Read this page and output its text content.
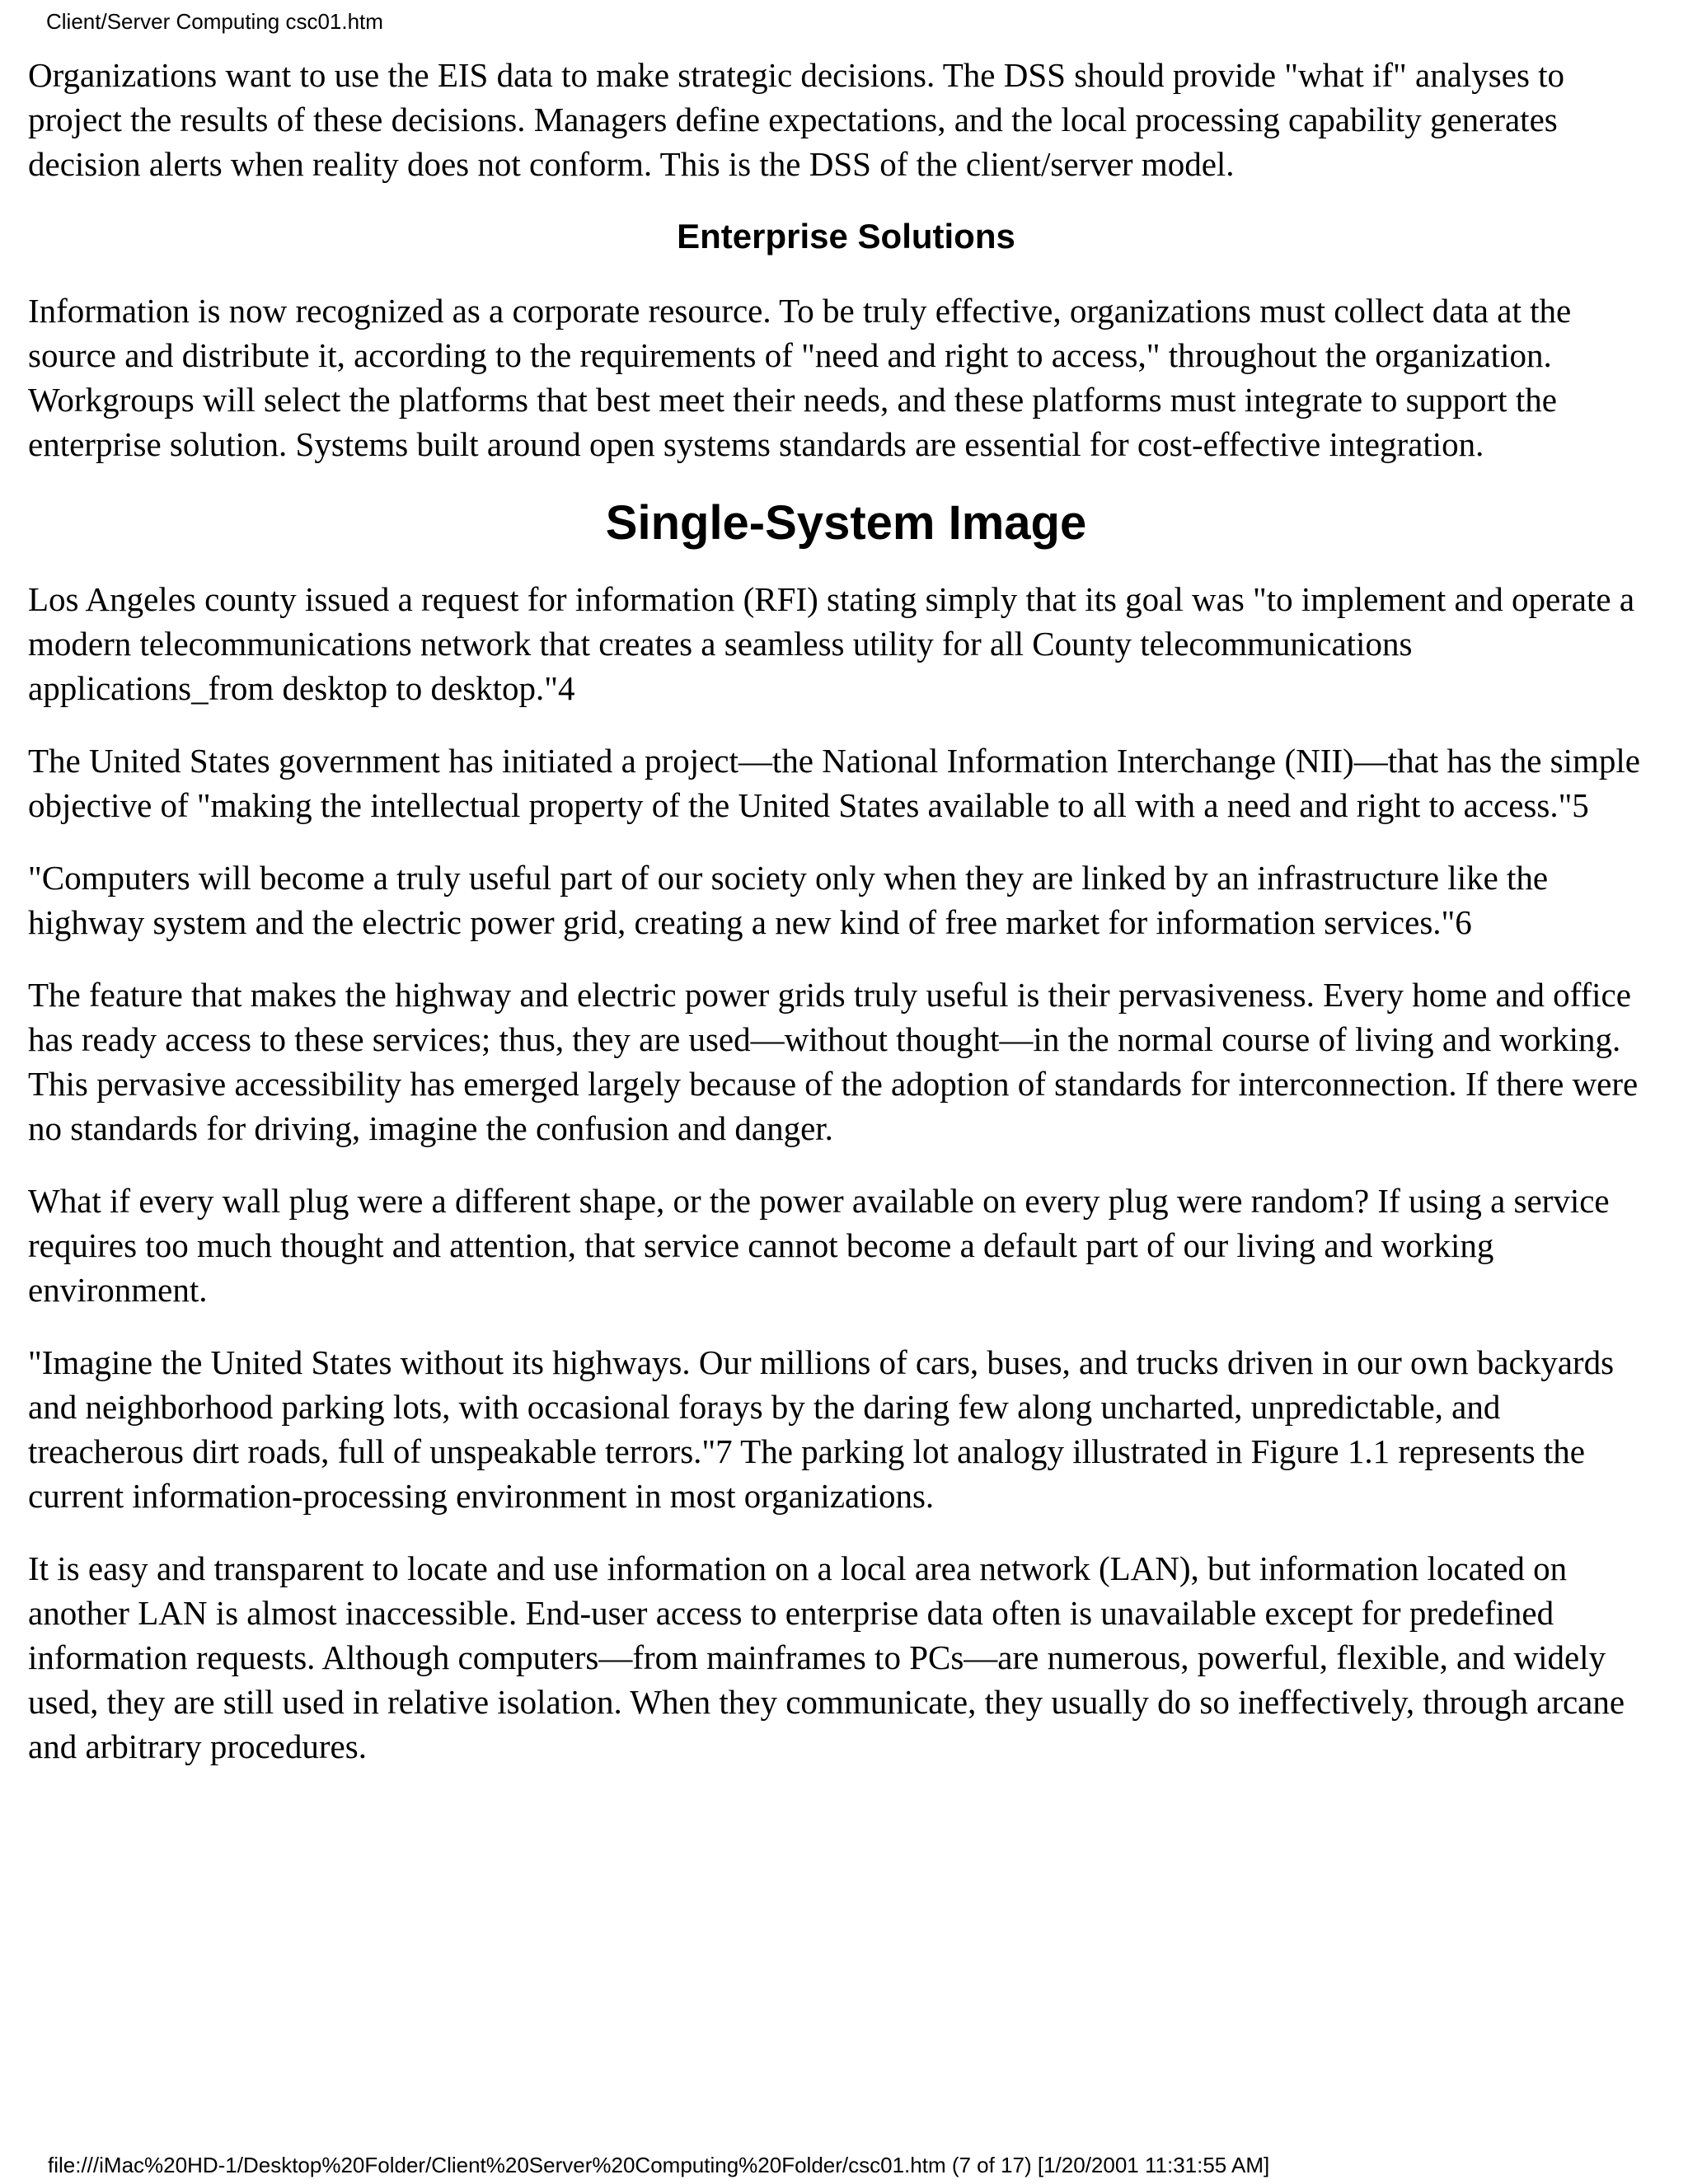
Client/Server Computing csc01.htm

Organizations want to use the EIS data to make strategic decisions. The DSS should provide "what if" analyses to project the results of these decisions. Managers define expectations, and the local processing capability generates decision alerts when reality does not conform. This is the DSS of the client/server model.

Enterprise Solutions

Information is now recognized as a corporate resource. To be truly effective, organizations must collect data at the source and distribute it, according to the requirements of "need and right to access," throughout the organization. Workgroups will select the platforms that best meet their needs, and these platforms must integrate to support the enterprise solution. Systems built around open systems standards are essential for cost-effective integration.

Single-System Image

Los Angeles county issued a request for information (RFI) stating simply that its goal was "to implement and operate a modern telecommunications network that creates a seamless utility for all County telecommunications applications_from desktop to desktop."4

The United States government has initiated a project—the National Information Interchange (NII)—that has the simple objective of "making the intellectual property of the United States available to all with a need and right to access."5

"Computers will become a truly useful part of our society only when they are linked by an infrastructure like the highway system and the electric power grid, creating a new kind of free market for information services."6

The feature that makes the highway and electric power grids truly useful is their pervasiveness. Every home and office has ready access to these services; thus, they are used—without thought—in the normal course of living and working. This pervasive accessibility has emerged largely because of the adoption of standards for interconnection. If there were no standards for driving, imagine the confusion and danger.

What if every wall plug were a different shape, or the power available on every plug were random? If using a service requires too much thought and attention, that service cannot become a default part of our living and working environment.

"Imagine the United States without its highways. Our millions of cars, buses, and trucks driven in our own backyards and neighborhood parking lots, with occasional forays by the daring few along uncharted, unpredictable, and treacherous dirt roads, full of unspeakable terrors."7 The parking lot analogy illustrated in Figure 1.1 represents the current information-processing environment in most organizations.

It is easy and transparent to locate and use information on a local area network (LAN), but information located on another LAN is almost inaccessible. End-user access to enterprise data often is unavailable except for predefined information requests. Although computers—from mainframes to PCs—are numerous, powerful, flexible, and widely used, they are still used in relative isolation. When they communicate, they usually do so ineffectively, through arcane and arbitrary procedures.

file:///iMac%20HD-1/Desktop%20Folder/Client%20Server%20Computing%20Folder/csc01.htm (7 of 17) [1/20/2001 11:31:55 AM]
